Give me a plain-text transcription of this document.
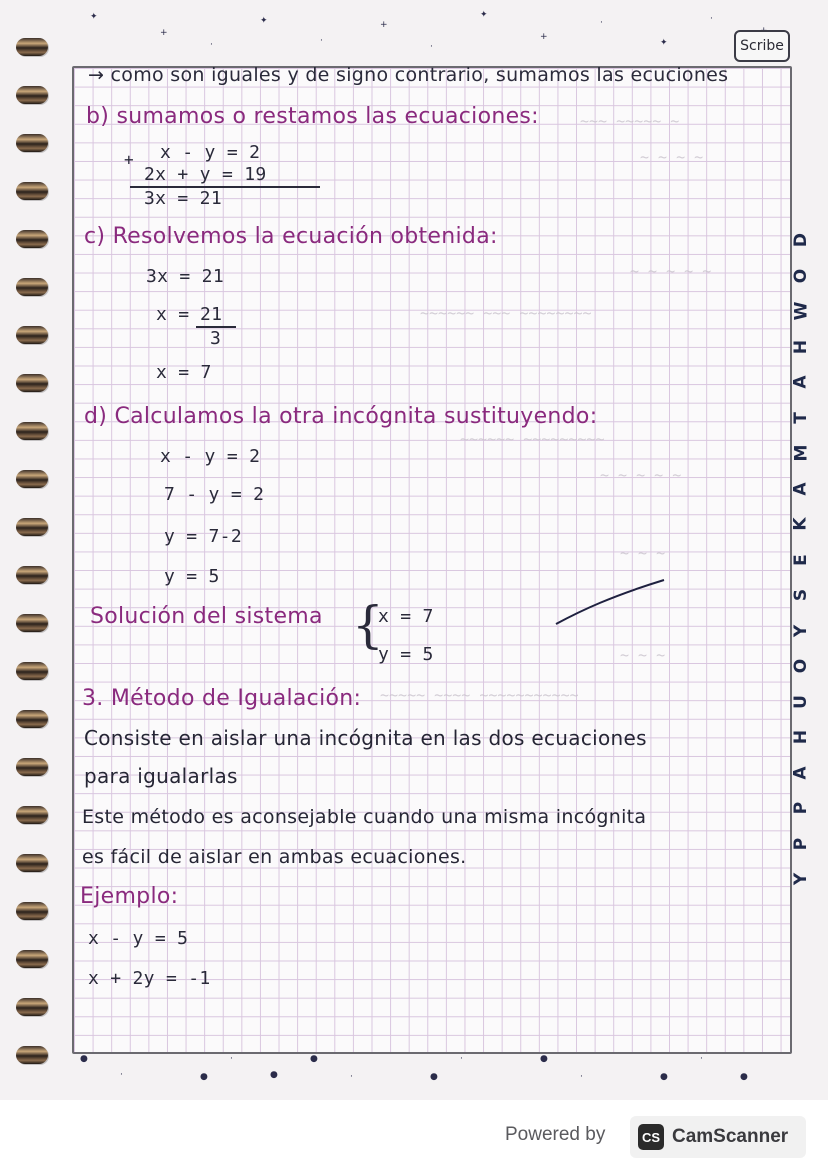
✦
+
·
✦
·
+
·
✦
+
·
✦
·
Scribe
~~~ ~~~~~ ~
~ ~ ~ ~
~ ~ ~ ~ ~
~~~~~~ ~~~ ~~~~~~~~
~~~~~~ ~~~~~~~~~
~ ~ ~ ~ ~
~ ~ ~
~ ~ ~
~~~~~ ~~~~ ~~~~~~~~~~~
→ como son iguales y de signo contrario, sumamos las ecuciones
b) sumamos o restamos las ecuaciones:
+ x - y = 2
2x + y = 19
3x = 21
c) Resolvemos la ecuación obtenida:
3x = 21
x = 21
3
x = 7
d) Calculamos la otra incógnita sustituyendo:
x - y = 2
7 - y = 2
y = 7-2
y = 5
Solución del sistema {
x = 7
y = 5
3. Método de Igualación:
Consiste en aislar una incógnita en las dos ecuaciones
para igualarlas
Este método es aconsejable cuando una misma incógnita
es fácil de aislar en ambas ecuaciones.
Ejemplo:
x - y = 5
x + 2y = -1
D
O
W
H
A
T
M
A
K
E
S
Y
O
U
H
A
P
P
Y
●
·	●
·
●
●
·	●
·	●
·	●
·
●
Powered by	CS CamScanner
